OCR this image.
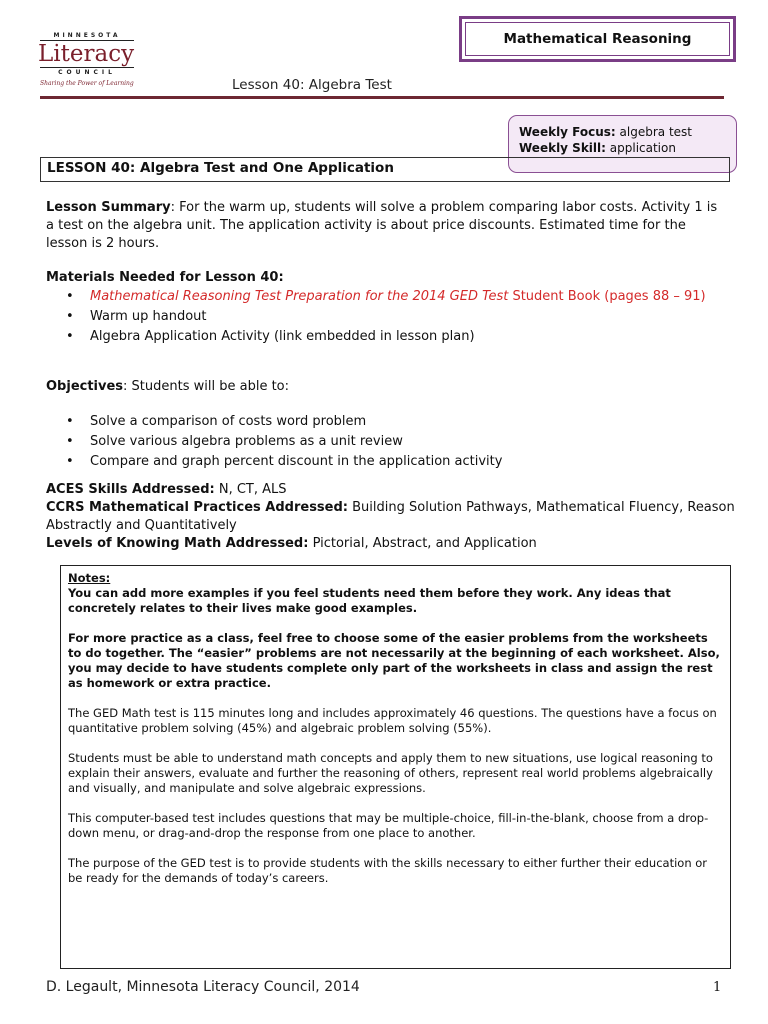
MINNESOTA
Literacy
COUNCIL
Sharing the Power of Learning
Mathematical Reasoning
Lesson 40: Algebra Test
Weekly Focus: algebra test
Weekly Skill: application
LESSON 40: Algebra Test and One Application
Lesson Summary: For the warm up, students will solve a problem comparing labor costs. Activity 1 is a test on the algebra unit. The application activity is about price discounts. Estimated time for the lesson is 2 hours.
Materials Needed for Lesson 40:
• Mathematical Reasoning Test Preparation for the 2014 GED Test Student Book (pages 88 – 91)
• Warm up handout
• Algebra Application Activity (link embedded in lesson plan)
Objectives: Students will be able to:
• Solve a comparison of costs word problem
• Solve various algebra problems as a unit review
• Compare and graph percent discount in the application activity
ACES Skills Addressed: N, CT, ALS
CCRS Mathematical Practices Addressed: Building Solution Pathways, Mathematical Fluency, Reason Abstractly and Quantitatively
Levels of Knowing Math Addressed: Pictorial, Abstract, and Application
Notes:
You can add more examples if you feel students need them before they work. Any ideas that concretely relates to their lives make good examples.
For more practice as a class, feel free to choose some of the easier problems from the worksheets to do together. The “easier” problems are not necessarily at the beginning of each worksheet. Also, you may decide to have students complete only part of the worksheets in class and assign the rest as homework or extra practice.
The GED Math test is 115 minutes long and includes approximately 46 questions. The questions have a focus on quantitative problem solving (45%) and algebraic problem solving (55%).
Students must be able to understand math concepts and apply them to new situations, use logical reasoning to explain their answers, evaluate and further the reasoning of others, represent real world problems algebraically and visually, and manipulate and solve algebraic expressions.
This computer-based test includes questions that may be multiple-choice, fill-in-the-blank, choose from a drop-down menu, or drag-and-drop the response from one place to another.
The purpose of the GED test is to provide students with the skills necessary to either further their education or be ready for the demands of today’s careers.
D. Legault, Minnesota Literacy Council, 2014	1
